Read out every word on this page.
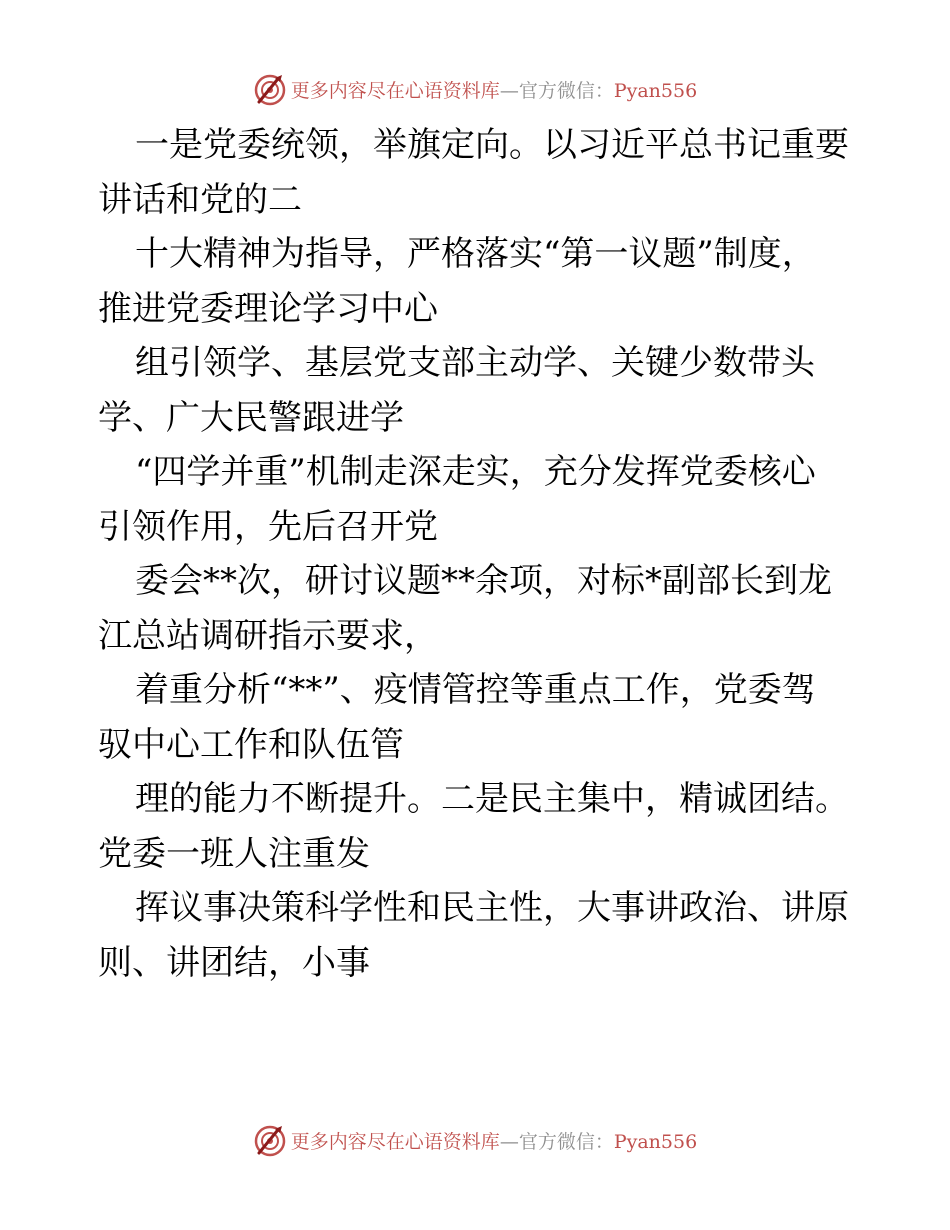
更多内容尽在心语资料库—官方微信：Pyan556

一是党委统领，举旗定向。以习近平总书记重要

讲话和党的二

十大精神为指导，严格落实“第一议题”制度，

推进党委理论学习中心

组引领学、基层党支部主动学、关键少数带头

学、广大民警跟进学

“四学并重”机制走深走实，充分发挥党委核心

引领作用，先后召开党

委会**次，研讨议题**余项，对标*副部长到龙

江总站调研指示要求，

着重分析“**”、疫情管控等重点工作，党委驾

驭中心工作和队伍管

理的能力不断提升。二是民主集中，精诚团结。

党委一班人注重发

挥议事决策科学性和民主性，大事讲政治、讲原

则、讲团结，小事

更多内容尽在心语资料库—官方微信：Pyan556
